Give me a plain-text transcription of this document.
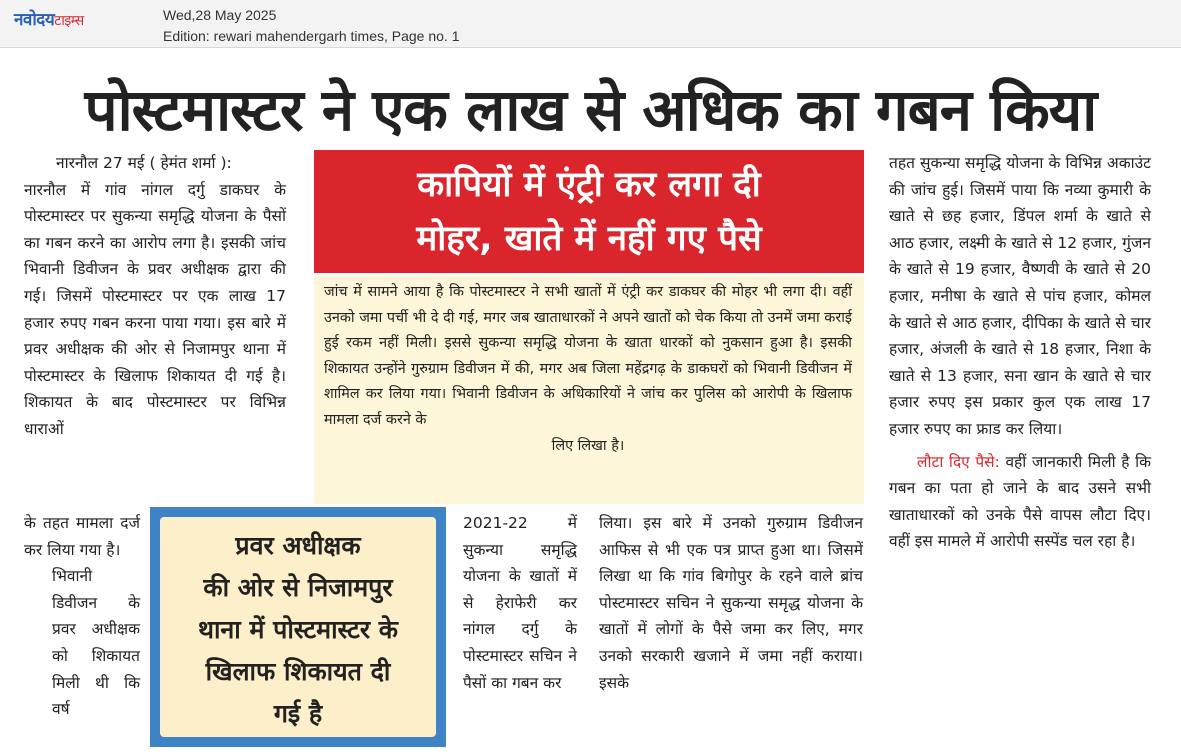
नवोदयटाइम्स	Wed,28 May 2025
Edition: rewari mahendergarh times, Page no. 1
पोस्टमास्टर ने एक लाख से अधिक का गबन किया

नारनौल 27 मई ( हेमंत शर्मा ):

नारनौल में गांव नांगल दर्गु डाकघर के पोस्टमास्टर पर सुकन्या समृद्धि योजना के पैसों का गबन करने का आरोप लगा है। इसकी जांच भिवानी डिवीजन के प्रवर अधीक्षक द्वारा की गई। जिसमें पोस्टमास्टर पर एक लाख 17 हजार रुपए गबन करना पाया गया। इस बारे में प्रवर अधीक्षक की ओर से निजामपुर थाना में पोस्टमास्टर के खिलाफ शिकायत दी गई है। शिकायत के बाद पोस्टमास्टर पर विभिन्न धाराओं

के तहत मामला दर्ज कर लिया गया है।

भिवानी डिवीजन के प्रवर अधीक्षक को शिकायत मिली थी कि वर्ष

कापियों में एंट्री कर लगा दी
मोहर, खाते में नहीं गए पैसे

जांच में सामने आया है कि पोस्टमास्टर ने सभी खातों में एंट्री कर डाकघर की मोहर भी लगा दी। वहीं उनको जमा पर्ची भी दे दी गई, मगर जब खाताधारकों ने अपने खातों को चेक किया तो उनमें जमा कराई हुई रकम नहीं मिली। इससे सुकन्या समृद्धि योजना के खाता धारकों को नुकसान हुआ है। इसकी शिकायत उन्होंने गुरुग्राम डिवीजन में की, मगर अब जिला महेंद्रगढ़ के डाकघरों को भिवानी डिवीजन में शामिल कर लिया गया। भिवानी डिवीजन के अधिकारियों ने जांच कर पुलिस को आरोपी के खिलाफ मामला दर्ज करने के

लिए लिखा है।

2021-22 में सुकन्या समृद्धि योजना के खातों में से हेराफेरी कर नांगल दर्गु के पोस्टमास्टर सचिन ने पैसों का गबन कर

लिया। इस बारे में उनको गुरुग्राम डिवीजन आफिस से भी एक पत्र प्राप्त हुआ था। जिसमें लिखा था कि गांव बिगोपुर के रहने वाले ब्रांच पोस्टमास्टर सचिन ने सुकन्या समृद्ध योजना के खातों में लोगों के पैसे जमा कर लिए, मगर उनको सरकारी खजाने में जमा नहीं कराया। इसके

तहत सुकन्या समृद्धि योजना के विभिन्न अकाउंट की जांच हुई। जिसमें पाया कि नव्या कुमारी के खाते से छह हजार, डिंपल शर्मा के खाते से आठ हजार, लक्ष्मी के खाते से 12 हजार, गुंजन के खाते से 19 हजार, वैष्णवी के खाते से 20 हजार, मनीषा के खाते से पांच हजार, कोमल के खाते से आठ हजार, दीपिका के खाते से चार हजार, अंजली के खाते से 18 हजार, निशा के खाते से 13 हजार, सना खान के खाते से चार हजार रुपए इस प्रकार कुल एक लाख 17 हजार रुपए का फ्राड कर लिया।

लौटा दिए पैसे: वहीं जानकारी मिली है कि गबन का पता हो जाने के बाद उसने सभी खाताधारकों को उनके पैसे वापस लौटा दिए। वहीं इस मामले में आरोपी सस्पेंड चल रहा है।

प्रवर अधीक्षक
की ओर से निजामपुर
थाना में पोस्टमास्टर के
खिलाफ शिकायत दी
गई है
